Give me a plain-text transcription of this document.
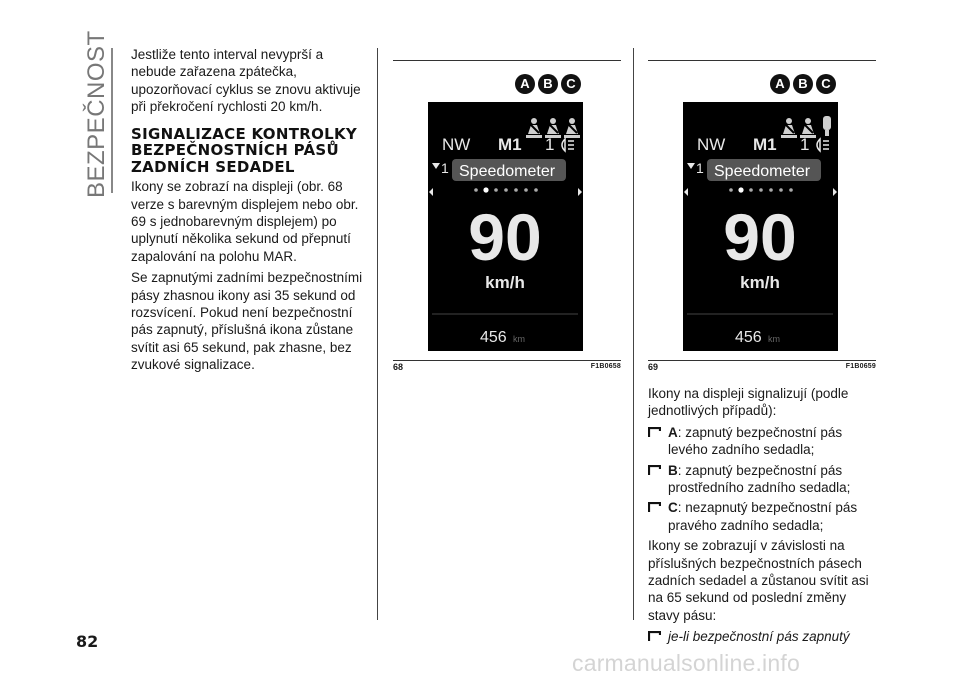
BEZPEČNOST Jestliže tento interval nevyprší a nebude zařazena zpátečka, upozorňovací cyklus se znovu aktivuje při překročení rychlosti 20 km/h.

SIGNALIZACE KONTROLKY BEZPEČNOSTNÍCH PÁSŮ ZADNÍCH SEDADEL

Ikony se zobrazí na displeji (obr. 68 verze s barevným displejem nebo obr. 69 s jednobarevným displejem) po uplynutí několika sekund od přepnutí zapalování na polohu MAR.

Se zapnutými zadními bezpečnostními pásy zhasnou ikony asi 35 sekund od rozsvícení. Pokud není bezpečnostní pás zapnutý, příslušná ikona zůstane svítit asi 65 sekund, pak zhasne, bez zvukové signalizace.

A	B	C
NW M1 1
1 Speedometer
90
km/h
456 km
68	F1B0658
A	B	C
NW M1 1
1 Speedometer
90
km/h
456 km
69	F1B0659

Ikony na displeji signalizují (podle jednotlivých případů):

A: zapnutý bezpečnostní pás levého zadního sedadla;
B: zapnutý bezpečnostní pás prostředního zadního sedadla;
C: nezapnutý bezpečnostní pás pravého zadního sedadla;

Ikony se zobrazují v závislosti na příslušných bezpečnostních pásech zadních sedadel a zůstanou svítit asi na 65 sekund od poslední změny stavy pásu:

je-li bezpečnostní pás zapnutý
82
carmanualsonline.info
